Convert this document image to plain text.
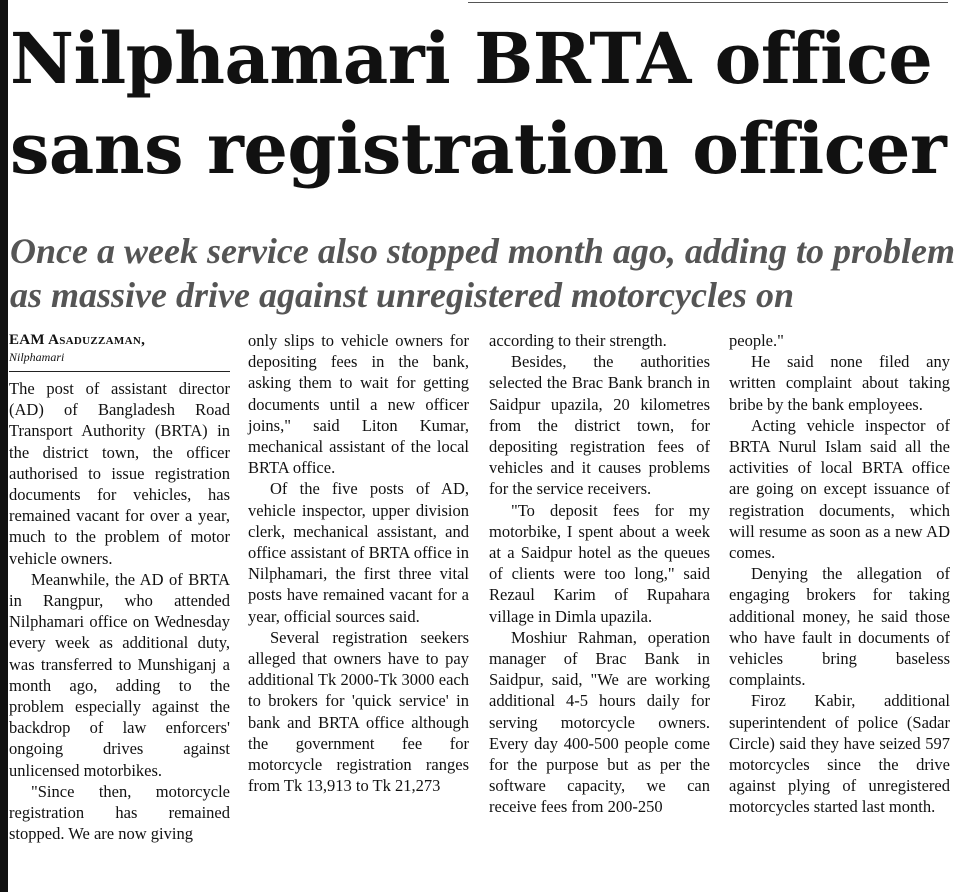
Nilphamari BRTA office sans registration officer
Once a week service also stopped month ago, adding to problem as massive drive against unregistered motorcycles on
EAM Asaduzzaman,
Nilphamari

The post of assistant director (AD) of Bangladesh Road Transport Authority (BRTA) in the district town, the officer authorised to issue registration documents for vehicles, has remained vacant for over a year, much to the problem of motor vehicle owners.

Meanwhile, the AD of BRTA in Rangpur, who attended Nilphamari office on Wednesday every week as additional duty, was transferred to Munshiganj a month ago, adding to the problem especially against the backdrop of law enforcers' ongoing drives against unlicensed motorbikes.

"Since then, motorcycle registration has remained stopped. We are now giving

only slips to vehicle owners for depositing fees in the bank, asking them to wait for getting documents until a new officer joins," said Liton Kumar, mechanical assistant of the local BRTA office.

Of the five posts of AD, vehicle inspector, upper division clerk, mechanical assistant, and office assistant of BRTA office in Nilphamari, the first three vital posts have remained vacant for a year, official sources said.

Several registration seekers alleged that owners have to pay additional Tk 2000-Tk 3000 each to brokers for 'quick service' in bank and BRTA office although the government fee for motorcycle registration ranges from Tk 13,913 to Tk 21,273

according to their strength.

Besides, the authorities selected the Brac Bank branch in Saidpur upazila, 20 kilometres from the district town, for depositing registration fees of vehicles and it causes problems for the service receivers.

"To deposit fees for my motorbike, I spent about a week at a Saidpur hotel as the queues of clients were too long," said Rezaul Karim of Rupahara village in Dimla upazila.

Moshiur Rahman, operation manager of Brac Bank in Saidpur, said, "We are working additional 4-5 hours daily for serving motorcycle owners. Every day 400-500 people come for the purpose but as per the software capacity, we can receive fees from 200-250

people."

He said none filed any written complaint about taking bribe by the bank employees.

Acting vehicle inspector of BRTA Nurul Islam said all the activities of local BRTA office are going on except issuance of registration documents, which will resume as soon as a new AD comes.

Denying the allegation of engaging brokers for taking additional money, he said those who have fault in documents of vehicles bring baseless complaints.

Firoz Kabir, additional superintendent of police (Sadar Circle) said they have seized 597 motorcycles since the drive against plying of unregistered motorcycles started last month.
